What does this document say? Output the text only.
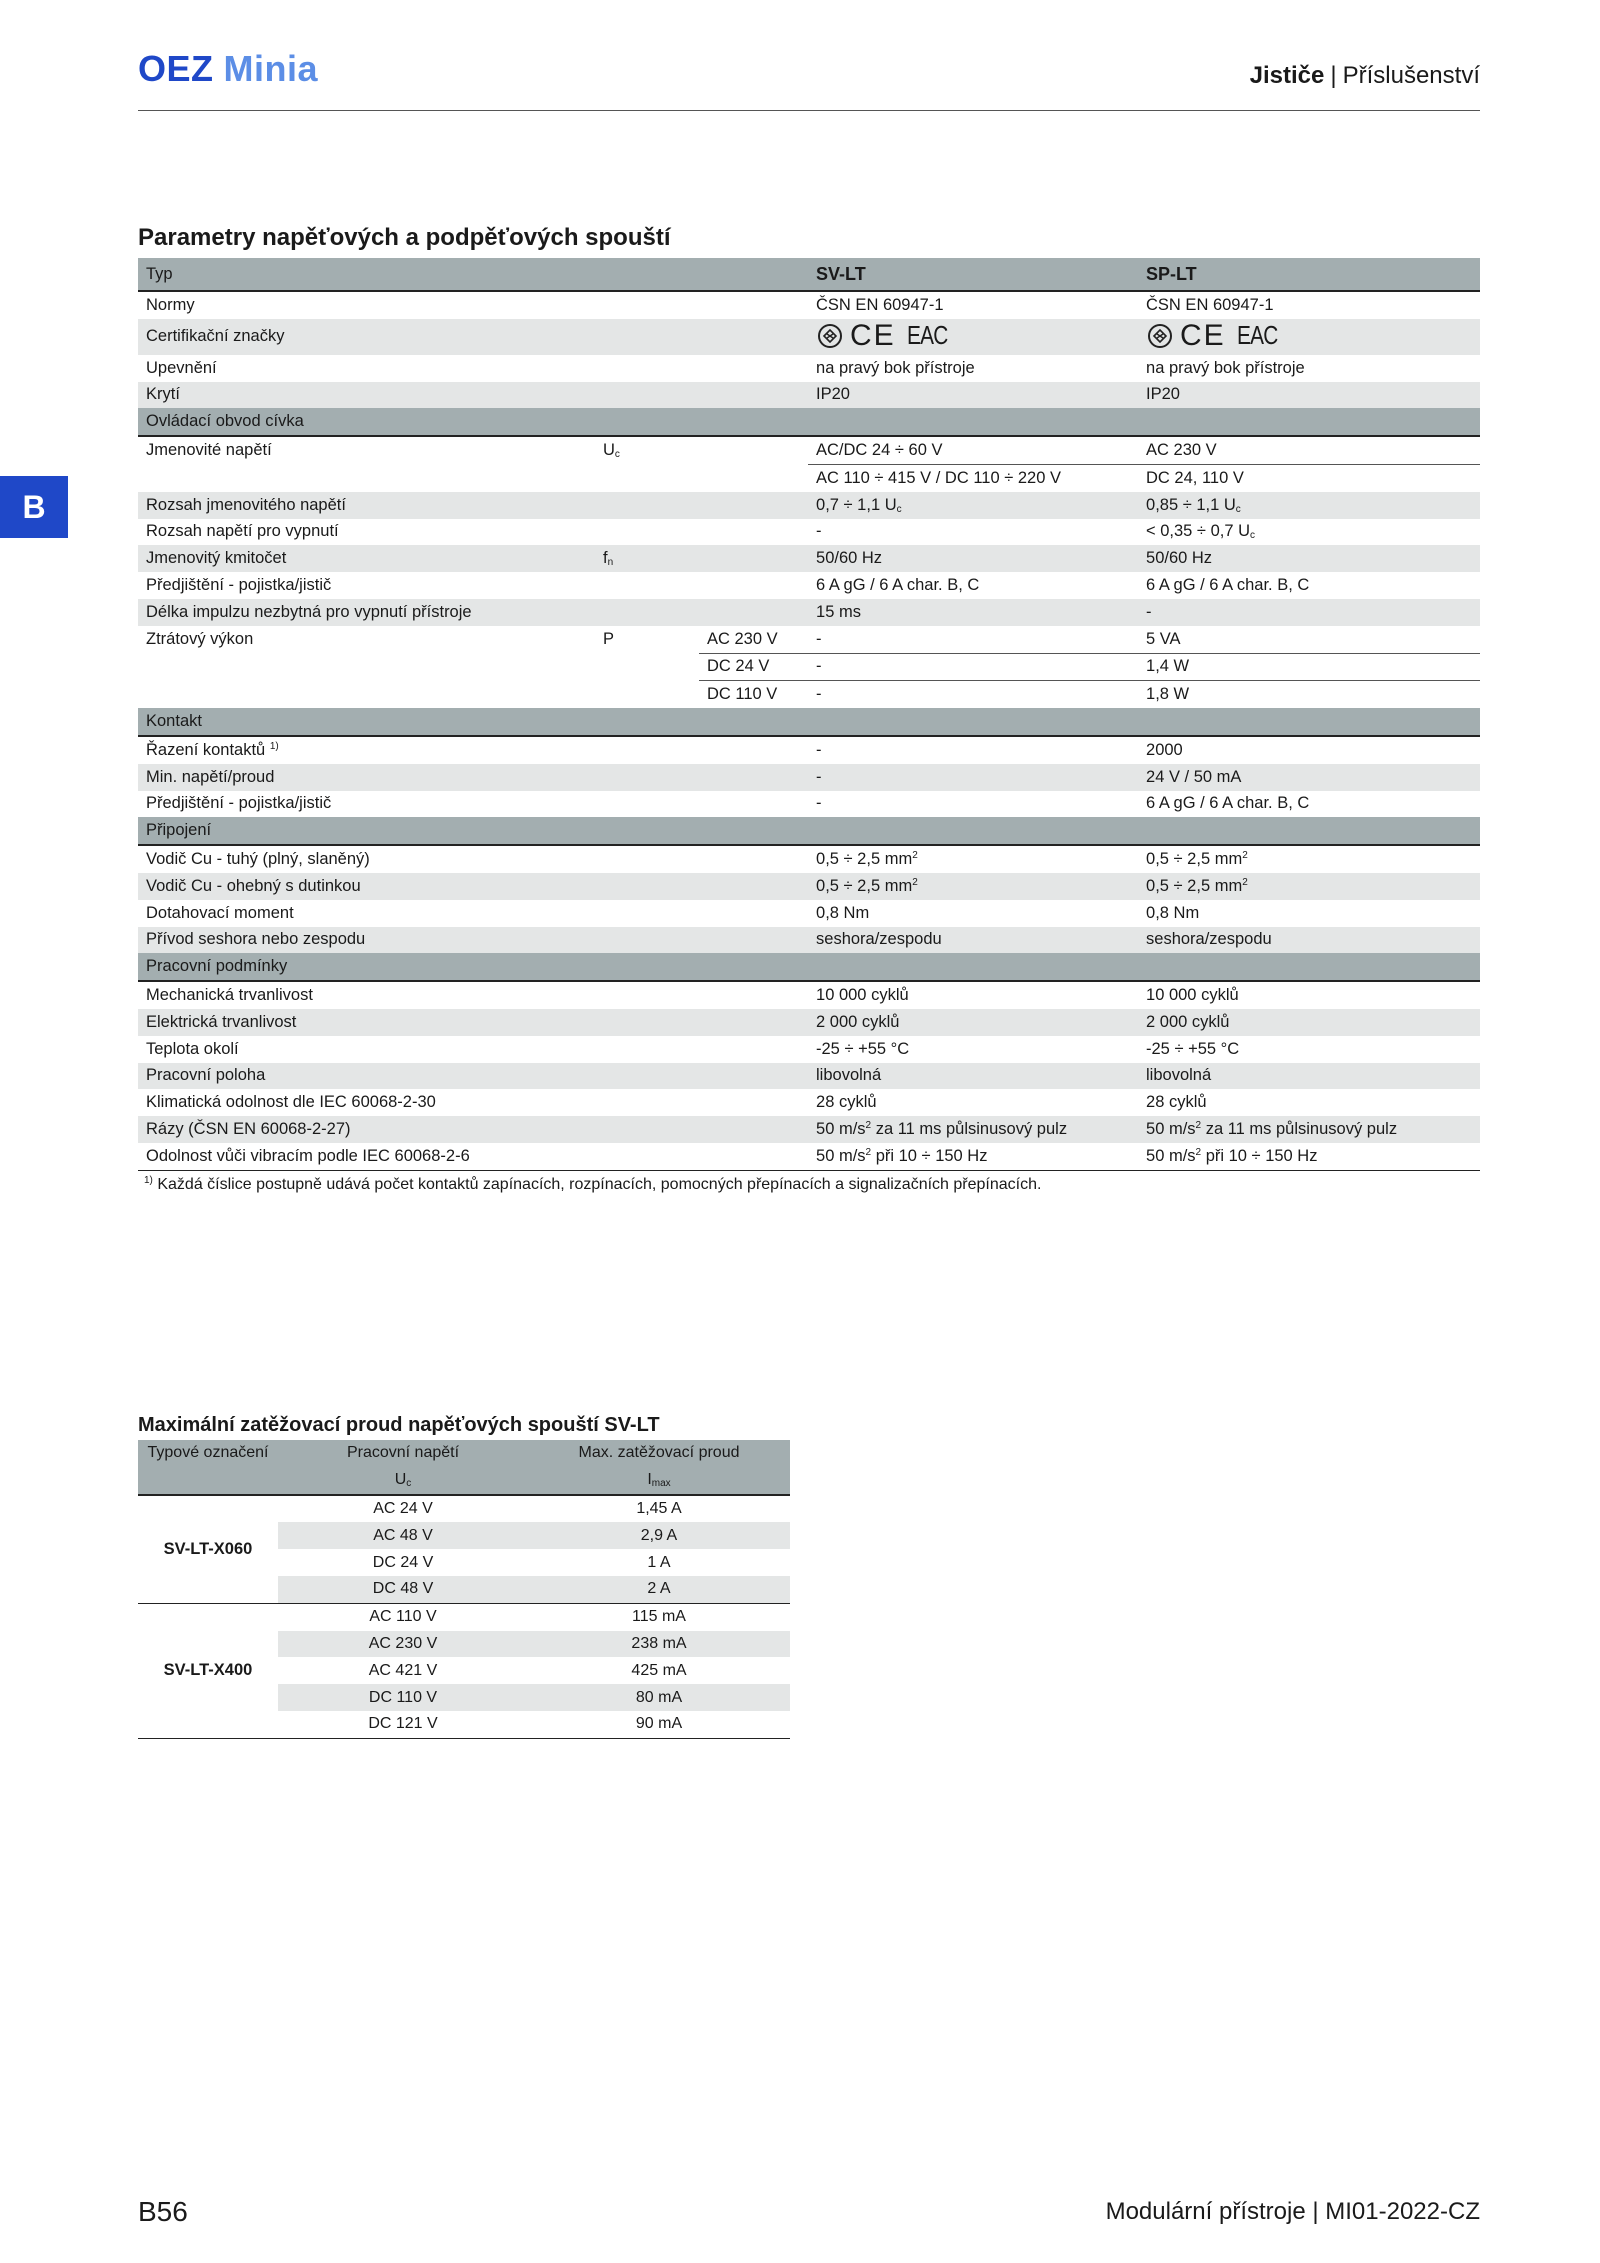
OEZ Minia	Jističe | Příslušenství
B
Parametry napěťových a podpěťových spouští
Typ			SV-LT	SP-LT
Normy			ČSN EN 60947-1	ČSN EN 60947-1
Certifikační značky			CE EAC	CE EAC

Upevnění			na pravý bok přístroje	na pravý bok přístroje
Krytí			IP20	IP20
Ovládací obvod cívka				
Jmenovité napětí	$U_c$		AC/DC 24 ÷ 60 V	AC 230 V
			AC 110 ÷ 415 V / DC 110 ÷ 220 V	DC 24, 110 V
Rozsah jmenovitého napětí			0,7 ÷ 1,1 $U_c$	0,85 ÷ 1,1 $U_c$
Rozsah napětí pro vypnutí			-	< 0,35 ÷ 0,7 $U_c$
Jmenovitý kmitočet	$f_n$		50/60 Hz	50/60 Hz
Předjištění - pojistka/jistič			6 A gG / 6 A char. B, C	6 A gG / 6 A char. B, C
Délka impulzu nezbytná pro vypnutí přístroje			15 ms	-
Ztrátový výkon	P	AC 230 V	-	5 VA
		DC 24 V	-	1,4 W
		DC 110 V	-	1,8 W
Kontakt				
Řazení kontaktů $^{1)}$			-	2000
Min. napětí/proud			-	24 V / 50 mA
Předjištění - pojistka/jistič			-	6 A gG / 6 A char. B, C
Připojení				
Vodič Cu - tuhý (plný, slaněný)			0,5 ÷ 2,5 $mm^2$	0,5 ÷ 2,5 $mm^2$
Vodič Cu - ohebný s dutinkou			0,5 ÷ 2,5 $mm^2$	0,5 ÷ 2,5 $mm^2$
Dotahovací moment			0,8 Nm	0,8 Nm
Přívod seshora nebo zespodu			seshora/zespodu	seshora/zespodu
Pracovní podmínky				
Mechanická trvanlivost			10 000 cyklů	10 000 cyklů
Elektrická trvanlivost			2 000 cyklů	2 000 cyklů
Teplota okolí			-25 ÷ +55 °C	-25 ÷ +55 °C
Pracovní poloha			libovolná	libovolná
Klimatická odolnost dle IEC 60068-2-30			28 cyklů	28 cyklů
Rázy (ČSN EN 60068-2-27)			50 $m/s^2$ za 11 ms půlsinusový pulz	50 $m/s^2$ za 11 ms půlsinusový pulz
Odolnost vůči vibracím podle IEC 60068-2-6			50 $m/s^2$ při 10 ÷ 150 Hz	50 $m/s^2$ při 10 ÷ 150 Hz
$^{1)}$ Každá číslice postupně udává počet kontaktů zapínacích, rozpínacích, pomocných přepínacích a signalizačních přepínacích.
Maximální zatěžovací proud napěťových spouští SV-LT
Typové označení	Pracovní napětí	Max. zatěžovací proud
	$U_c$	$I_{max}$
SV-LT-X060	AC 24 V	1,45 A
	AC 48 V	2,9 A
	DC 24 V	1 A
	DC 48 V	2 A
SV-LT-X400	AC 110 V	115 mA
	AC 230 V	238 mA
	AC 421 V	425 mA
	DC 110 V	80 mA
	DC 121 V	90 mA
B56	Modulární přístroje | MI01-2022-CZ
